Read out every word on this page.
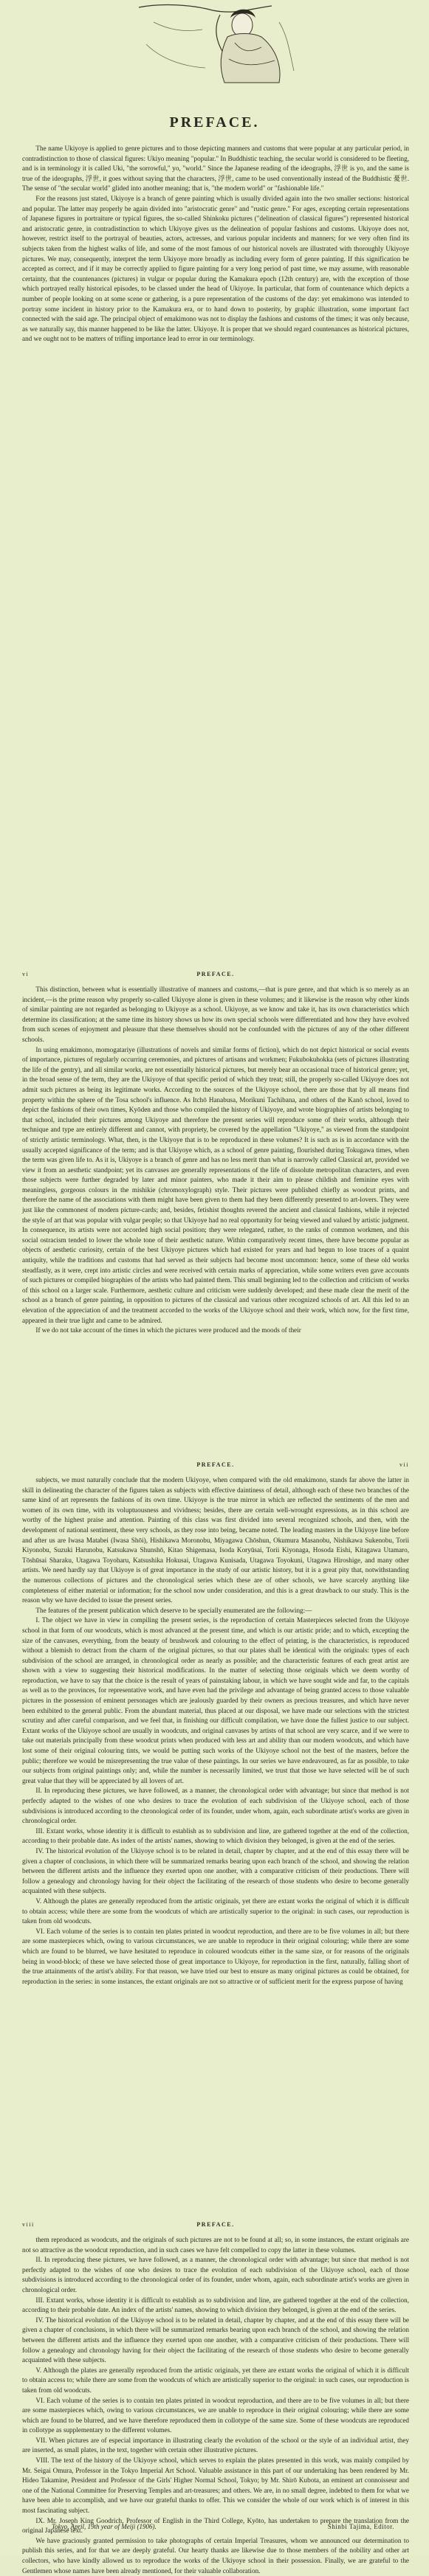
PREFACE.

The name Ukiyoye is applied to genre pictures and to those depicting manners and customs that were popular at any particular period, in contradistinction to those of classical figures: Ukiyo meaning "popular." In Buddhistic teaching, the secular world is considered to be fleeting, and is in terminology it is called Uki, "the sorrowful," yo, "world." Since the Japanese reading of the ideographs, 浮世 is yo, and the same is true of the ideographs, 浮世, it goes without saying that the characters, 浮世, came to be used conventionally instead of the Buddhistic 憂世. The sense of "the secular world" glided into another meaning; that is, "the modern world" or "fashionable life."

For the reasons just stated, Ukiyoye is a branch of genre painting which is usually divided again into the two smaller sections: historical and popular. The latter may properly be again divided into "aristocratic genre" and "rustic genre." For ages, excepting certain representations of Japanese figures in portraiture or typical figures, the so-called Shinkoku pictures ("delineation of classical figures") represented historical and aristocratic genre, in contradistinction to which Ukiyoye gives us the delineation of popular fashions and customs. Ukiyoye does not, however, restrict itself to the portrayal of beauties, actors, actresses, and various popular incidents and manners; for we very often find its subjects taken from the highest walks of life, and some of the most famous of our historical novels are illustrated with thoroughly Ukiyoye pictures. We may, consequently, interpret the term Ukiyoye more broadly as including every form of genre painting. If this signification be accepted as correct, and if it may be correctly applied to figure painting for a very long period of past time, we may assume, with reasonable certainty, that the countenances (pictures) in vulgar or popular during the Kamakura epoch (12th century) are, with the exception of those which portrayed really historical episodes, to be classed under the head of Ukiyoye. In particular, that form of countenance which depicts a number of people looking on at some scene or gathering, is a pure representation of the customs of the day: yet emakimono was intended to portray some incident in history prior to the Kamakura era, or to hand down to posterity, by graphic illustration, some important fact connected with the said age. The principal object of emakimono was not to display the fashions and customs of the times; it was only because, as we naturally say, this manner happened to be like the latter. Ukiyoye. It is proper that we should regard countenances as historical pictures, and we ought not to be matters of trifling importance lead to error in our terminology.

vi	PREFACE.

This distinction, between what is essentially illustrative of manners and customs,—that is pure genre, and that which is so merely as an incident,—is the prime reason why properly so-called Ukiyoye alone is given in these volumes; and it likewise is the reason why other kinds of similar painting are not regarded as belonging to Ukiyoye as a school. Ukiyoye, as we know and take it, has its own characteristics which determine its classification; at the same time its history shows us how its own special schools were differentiated and how they have evolved from such scenes of enjoyment and pleasure that these themselves should not be confounded with the pictures of any of the other different schools.

In using emakimono, momogatariye (illustrations of novels and similar forms of fiction), which do not depict historical or social events of importance, pictures of regularly occurring ceremonies, and pictures of artisans and workmen; Fukubokuhokka (sets of pictures illustrating the life of the gentry), and all similar works, are not essentially historical pictures, but merely bear an occasional trace of historical genre; yet, in the broad sense of the term, they are the Ukiyoye of that specific period of which they treat; still, the properly so-called Ukiyoye does not admit such pictures as being its legitimate works. According to the sources of the Ukiyoye school, there are those that by all means find property within the sphere of the Tosa school's influence. As Itchō Hanabusa, Morikuni Tachibana, and others of the Kanō school, loved to depict the fashions of their own times, Kyōden and those who compiled the history of Ukiyoye, and wrote biographies of artists belonging to that school, included their pictures among Ukiyoye and therefore the present series will reproduce some of their works, although their technique and type are entirely different and cannot, with propriety, be covered by the appellation "Ukiyoye," as viewed from the standpoint of strictly artistic terminology. What, then, is the Ukiyoye that is to be reproduced in these volumes? It is such as is in accordance with the usually accepted significance of the term; and is that Ukiyoye which, as a school of genre painting, flourished during Tokugawa times, when the term was given life to. As it is, Ukiyoye is a branch of genre and has no less merit than what is narrowly called Classical art, provided we view it from an aesthetic standpoint; yet its canvases are generally representations of the life of dissolute metropolitan characters, and even those subjects were further degraded by later and minor painters, who made it their aim to please childish and feminine eyes with meaningless, gorgeous colours in the mishikie (chromoxylograph) style. Their pictures were published chiefly as woodcut prints, and therefore the name of the associations with them might have been given to them had they been differently presented to art-lovers. They were just like the commonest of modern picture-cards; and, besides, fetishist thoughts revered the ancient and classical fashions, while it rejected the style of art that was popular with vulgar people; so that Ukiyoye had no real opportunity for being viewed and valued by artistic judgment. In consequence, its artists were not accorded high social position; they were relegated, rather, to the ranks of common workmen, and this social ostracism tended to lower the whole tone of their aesthetic nature. Within comparatively recent times, there have become popular as objects of aesthetic curiosity, certain of the best Ukiyoye pictures which had existed for years and had begun to lose traces of a quaint antiquity, while the traditions and customs that had served as their subjects had become most uncommon: hence, some of these old works steadfastly, as it were, crept into artistic circles and were received with certain marks of appreciation, while some writers even gave accounts of such pictures or compiled biographies of the artists who had painted them. This small beginning led to the collection and criticism of works of this school on a larger scale. Furthermore, aesthetic culture and criticism were suddenly developed; and these made clear the merit of the school as a branch of genre painting, in opposition to pictures of the classical and various other recognized schools of art. All this led to an elevation of the appreciation of and the treatment accorded to the works of the Ukiyoye school and their work, which now, for the first time, appeared in their true light and came to be admired.

If we do not take account of the times in which the pictures were produced and the moods of their

PREFACE.	vii

subjects, we must naturally conclude that the modern Ukiyoye, when compared with the old emakimono, stands far above the latter in skill in delineating the character of the figures taken as subjects with effective daintiness of detail, although each of these two branches of the same kind of art represents the fashions of its own time. Ukiyoye is the true mirror in which are reflected the sentiments of the men and women of its own time, with its voluptuousness and vividness; besides, there are certain well-wrought expressions, as in this school are worthy of the highest praise and attention. Painting of this class was first divided into several recognized schools, and then, with the development of national sentiment, these very schools, as they rose into being, became noted. The leading masters in the Ukiyoye line before and after us are Iwasa Matabei (Iwasa Shōi), Hishikawa Moronobu, Miyagawa Chōshun, Okumura Masanobu, Nishikawa Sukenobu, Torii Kiyonobu, Suzuki Harunobu, Katsukawa Shunshō, Kitao Shigemasa, Isoda Koryūsai, Torii Kiyonaga, Hosoda Eishi, Kitagawa Utamaro, Tōshūsai Sharaku, Utagawa Toyoharu, Katsushika Hokusai, Utagawa Kunisada, Utagawa Toyokuni, Utagawa Hiroshige, and many other artists. We need hardly say that Ukiyoye is of great importance in the study of our artistic history, but it is a great pity that, notwithstanding the numerous collections of pictures and the chronological series which these are of other schools, we have scarcely anything like completeness of either material or information; for the school now under consideration, and this is a great drawback to our study. This is the reason why we have decided to issue the present series.

The features of the present publication which deserve to be specially enumerated are the following:—

I. The object we have in view in compiling the present series, is the reproduction of certain Masterpieces selected from the Ukiyoye school in that form of our woodcuts, which is most advanced at the present time, and which is our artistic pride; and to which, excepting the size of the canvases, everything, from the beauty of brushwork and colouring to the effect of printing, is the characteristics, is reproduced without a blemish to detract from the charm of the original pictures, so that our plates shall be identical with the originals: types of each subdivision of the school are arranged, in chronological order as nearly as possible; and the characteristic features of each great artist are shown with a view to suggesting their historical modifications. In the matter of selecting those originals which we deem worthy of reproduction, we have to say that the choice is the result of years of painstaking labour, in which we have sought wide and far, to the capitals as well as to the provinces, for representative work, and have even had the privilege and advantage of being granted access to those valuable pictures in the possession of eminent personages which are jealously guarded by their owners as precious treasures, and which have never been exhibited to the general public. From the abundant material, thus placed at our disposal, we have made our selections with the strictest scrutiny and after careful comparison, and we feel that, in finishing our difficult compilation, we have done the fullest justice to our subject. Extant works of the Ukiyoye school are usually in woodcuts, and original canvases by artists of that school are very scarce, and if we were to take out materials principally from these woodcut prints when produced with less art and ability than our modern woodcuts, and which have lost some of their original colouring tints, we would be putting such works of the Ukiyoye school not the best of the masters, before the public; therefore we would be misrepresenting the true value of these paintings. In our series we have endeavoured, as far as possible, to take our subjects from original paintings only; and, while the number is necessarily limited, we trust that those we have selected will be of such great value that they will be appreciated by all lovers of art.

II. In reproducing these pictures, we have followed, as a manner, the chronological order with advantage; but since that method is not perfectly adapted to the wishes of one who desires to trace the evolution of each subdivision of the Ukiyoye school, each of those subdivisions is introduced according to the chronological order of its founder, under whom, again, each subordinate artist's works are given in chronological order.

III. Extant works, whose identity it is difficult to establish as to subdivision and line, are gathered together at the end of the collection, according to their probable date. As index of the artists' names, showing to which division they belonged, is given at the end of the series.

IV. The historical evolution of the Ukiyoye school is to be related in detail, chapter by chapter, and at the end of this essay there will be given a chapter of conclusions, in which there will be summarized remarks bearing upon each branch of the school, and showing the relation between the different artists and the influence they exerted upon one another, with a comparative criticism of their productions. There will follow a genealogy and chronology having for their object the facilitating of the research of those students who desire to become generally acquainted with these subjects.

V. Although the plates are generally reproduced from the artistic originals, yet there are extant works the original of which it is difficult to obtain access; while there are some from the woodcuts of which are artistically superior to the original: in such cases, our reproduction is taken from old woodcuts.

VI. Each volume of the series is to contain ten plates printed in woodcut reproduction, and there are to be five volumes in all; but there are some masterpieces which, owing to various circumstances, we are unable to reproduce in their original colouring; while there are some which are found to be blurred, we have hesitated to reproduce in coloured woodcuts either in the same size, or for reasons of the originals being in wood-block; of these we have selected those of great importance to Ukiyoye, for reproduction in the first, naturally, falling short of the true attainments of the artist's ability. For that reason, we have tried our best to ensure as many original pictures as could be obtained, for reproduction in the series: in some instances, the extant originals are not so attractive or of sufficient merit for the express purpose of having

viii	PREFACE.

them reproduced as woodcuts, and the originals of such pictures are not to be found at all; so, in some instances, the extant originals are not so attractive as the woodcut reproduction, and in such cases we have felt compelled to copy the latter in these volumes.

II. In reproducing these pictures, we have followed, as a manner, the chronological order with advantage; but since that method is not perfectly adapted to the wishes of one who desires to trace the evolution of each subdivision of the Ukiyoye school, each of those subdivisions is introduced according to the chronological order of its founder, under whom, again, each subordinate artist's works are given in chronological order.

III. Extant works, whose identity it is difficult to establish as to subdivision and line, are gathered together at the end of the collection, according to their probable date. An index of the artists' names, showing to which division they belonged, is given at the end of the series.

IV. The historical evolution of the Ukiyoye school is to be related in detail, chapter by chapter, and at the end of this essay there will be given a chapter of conclusions, in which there will be summarized remarks bearing upon each branch of the school, and showing the relation between the different artists and the influence they exerted upon one another, with a comparative criticism of their productions. There will follow a genealogy and chronology having for their object the facilitating of the research of those students who desire to become generally acquainted with these subjects.

V. Although the plates are generally reproduced from the artistic originals, yet there are extant works the original of which it is difficult to obtain access to; while there are some from the woodcuts of which are artistically superior to the original: in such cases, our reproduction is taken from old woodcuts.

VI. Each volume of the series is to contain ten plates printed in woodcut reproduction, and there are to be five volumes in all; but there are some masterpieces which, owing to various circumstances, we are unable to reproduce in their original colouring; while there are some which are found to be blurred, and we have therefore reproduced them in collotype of the same size. Some of these woodcuts are reproduced in collotype as supplementary to the different volumes.

VII. When pictures are of especial importance in illustrating clearly the evolution of the school or the style of an individual artist, they are inserted, as small plates, in the text, together with certain other illustrative pictures.

VIII. The text of the history of the Ukiyoye school, which serves to explain the plates presented in this work, was mainly compiled by Mr. Seigai Omura, Professor in the Tokyo Imperial Art School. Valuable assistance in this part of our undertaking has been rendered by Mr. Hideo Takamine, President and Professor of the Girls' Higher Normal School, Tokyo; by Mr. Shirō Kubota, an eminent art connoisseur and one of the National Committee for Preserving Temples and art-treasures; and others. We are, in no small degree, indebted to them for what we have been able to accomplish, and we have our grateful thanks to offer. This we consider the whole of our work which is of interest in this most fascinating subject.

IX. Mr. Joseph King Goodrich, Professor of English in the Third College, Kyōto, has undertaken to prepare the translation from the original Japanese text.

We have graciously granted permission to take photographs of certain Imperial Treasures, whom we announced our determination to publish this series, and for that we are deeply grateful. Our hearty thanks are likewise due to those members of the nobility and other art collectors, who have kindly allowed us to reproduce the works of the Ukiyoye school in their possession. Finally, we are grateful to the Gentlemen whose names have been already mentioned, for their valuable collaboration.

Tokyo, April, 19th year of Meiji (1906).	Shinbi Tajima, Editor.
